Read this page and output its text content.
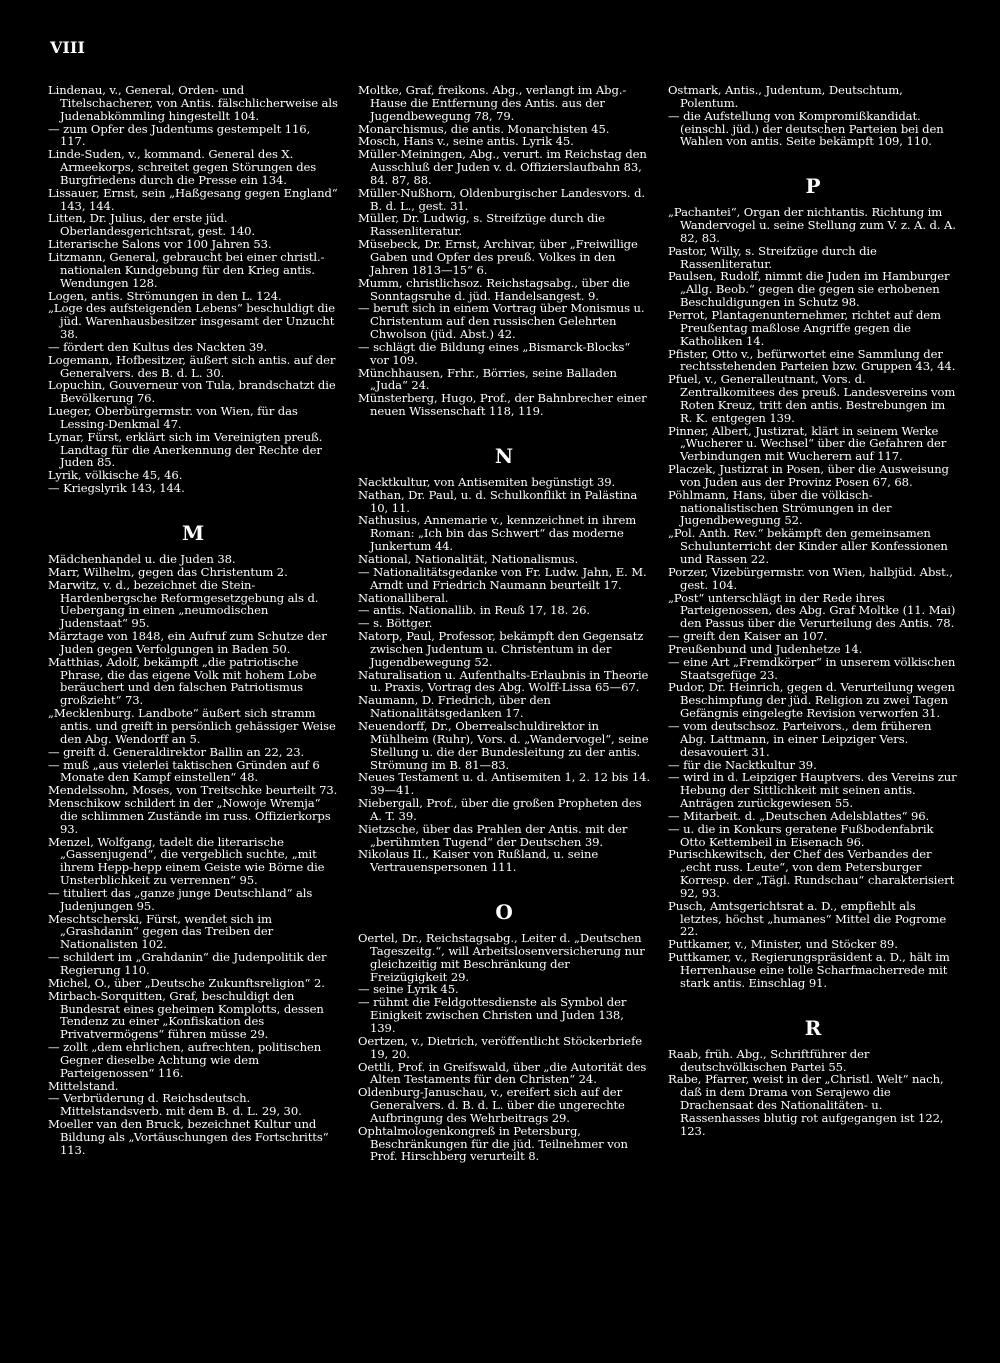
VIII
Lindenau, v., General, Orden- und Titelschacherer, von Antis. fälschlicherweise als Judenabkömmling hingestellt 104.
— zum Opfer des Judentums gestempelt 116, 117.
Linde-Suden, v., kommand. General des X. Armeekorps, schreitet gegen Störungen des Burgfriedens durch die Presse ein 134.
Lissauer, Ernst, sein „Haßgesang gegen England“ 143, 144.
Litten, Dr. Julius, der erste jüd. Oberlandesgerichtsrat, gest. 140.
Literarische Salons vor 100 Jahren 53.
Litzmann, General, gebraucht bei einer christl.-nationalen Kundgebung für den Krieg antis. Wendungen 128.
Logen, antis. Strömungen in den L. 124.
„Loge des aufsteigenden Lebens“ beschuldigt die jüd. Warenhausbesitzer insgesamt der Unzucht 38.
— fördert den Kultus des Nackten 39.
Logemann, Hofbesitzer, äußert sich antis. auf der Generalvers. des B. d. L. 30.
Lopuchin, Gouverneur von Tula, brandschatzt die Bevölkerung 76.
Lueger, Oberbürgermstr. von Wien, für das Lessing-Denkmal 47.
Lynar, Fürst, erklärt sich im Vereinigten preuß. Landtag für die Anerkennung der Rechte der Juden 85.
Lyrik, völkische 45, 46.
— Kriegslyrik 143, 144.
M
Mädchenhandel u. die Juden 38.
Marr, Wilhelm, gegen das Christentum 2.
Marwitz, v. d., bezeichnet die Stein-Hardenbergsche Reformgesetzgebung als d. Uebergang in einen „neumodischen Judenstaat“ 95.
Märztage von 1848, ein Aufruf zum Schutze der Juden gegen Verfolgungen in Baden 50.
Matthias, Adolf, bekämpft „die patriotische Phrase, die das eigene Volk mit hohem Lobe beräuchert und den falschen Patriotismus großzieht“ 73.
„Mecklenburg. Landbote“ äußert sich stramm antis. und greift in persönlich gehässiger Weise den Abg. Wendorff an 5.
— greift d. Generaldirektor Ballin an 22, 23.
— muß „aus vielerlei taktischen Gründen auf 6 Monate den Kampf einstellen“ 48.
Mendelssohn, Moses, von Treitschke beurteilt 73.
Menschikow schildert in der „Nowoje Wremja“ die schlimmen Zustände im russ. Offizierkorps 93.
Menzel, Wolfgang, tadelt die literarische „Gassenjugend“, die vergeblich suchte, „mit ihrem Hepp-hepp einem Geiste wie Börne die Unsterblichkeit zu verrennen“ 95.
— tituliert das „ganze junge Deutschland“ als Judenjungen 95.
Meschtscherski, Fürst, wendet sich im „Grashdanin“ gegen das Treiben der Nationalisten 102.
— schildert im „Grahdanin“ die Judenpolitik der Regierung 110.
Michel, O., über „Deutsche Zukunftsreligion“ 2.
Mirbach-Sorquitten, Graf, beschuldigt den Bundesrat eines geheimen Komplotts, dessen Tendenz zu einer „Konfiskation des Privatvermögens“ führen müsse 29.
— zollt „dem ehrlichen, aufrechten, politischen Gegner dieselbe Achtung wie dem Parteigenossen“ 116.
Mittelstand.
— Verbrüderung d. Reichsdeutsch. Mittelstandsverb. mit dem B. d. L. 29, 30.
Moeller van den Bruck, bezeichnet Kultur und Bildung als „Vortäuschungen des Fortschritts“ 113.
Moltke, Graf, freikons. Abg., verlangt im Abg.-Hause die Entfernung des Antis. aus der Jugendbewegung 78, 79.
Monarchismus, die antis. Monarchisten 45.
Mosch, Hans v., seine antis. Lyrik 45.
Müller-Meiningen, Abg., verurt. im Reichstag den Ausschluß der Juden v. d. Offizierslaufbahn 83, 84. 87, 88.
Müller-Nußhorn, Oldenburgischer Landesvors. d. B. d. L., gest. 31.
Müller, Dr. Ludwig, s. Streifzüge durch die Rassenliteratur.
Müsebeck, Dr. Ernst, Archivar, über „Freiwillige Gaben und Opfer des preuß. Volkes in den Jahren 1813—15“ 6.
Mumm, christlichsoz. Reichstagsabg., über die Sonntagsruhe d. jüd. Handelsangest. 9.
— beruft sich in einem Vortrag über Monismus u. Christentum auf den russischen Gelehrten Chwolson (jüd. Abst.) 42.
— schlägt die Bildung eines „Bismarck-Blocks“ vor 109.
Münchhausen, Frhr., Börries, seine Balladen „Juda“ 24.
Münsterberg, Hugo, Prof., der Bahnbrecher einer neuen Wissenschaft 118, 119.
N
Nacktkultur, von Antisemiten begünstigt 39.
Nathan, Dr. Paul, u. d. Schulkonflikt in Palästina 10, 11.
Nathusius, Annemarie v., kennzeichnet in ihrem Roman: „Ich bin das Schwert“ das moderne Junkertum 44.
National, Nationalität, Nationalismus.
— Nationalitätsgedanke von Fr. Ludw. Jahn, E. M. Arndt und Friedrich Naumann beurteilt 17.
Nationalliberal.
— antis. Nationallib. in Reuß 17, 18. 26.
— s. Böttger.
Natorp, Paul, Professor, bekämpft den Gegensatz zwischen Judentum u. Christentum in der Jugendbewegung 52.
Naturalisation u. Aufenthalts-Erlaubnis in Theorie u. Praxis, Vortrag des Abg. Wolff-Lissa 65—67.
Naumann, D. Friedrich, über den Nationalitätsgedanken 17.
Neuendorff, Dr., Oberrealschuldirektor in Mühlheim (Ruhr), Vors. d. „Wandervogel“, seine Stellung u. die der Bundesleitung zu der antis. Strömung im B. 81—83.
Neues Testament u. d. Antisemiten 1, 2. 12 bis 14. 39—41.
Niebergall, Prof., über die großen Propheten des A. T. 39.
Nietzsche, über das Prahlen der Antis. mit der „berühmten Tugend“ der Deutschen 39.
Nikolaus II., Kaiser von Rußland, u. seine Vertrauenspersonen 111.
O
Oertel, Dr., Reichstagsabg., Leiter d. „Deutschen Tageszeitg.“, will Arbeitslosenversicherung nur gleichzeitig mit Beschränkung der Freizügigkeit 29.
— seine Lyrik 45.
— rühmt die Feldgottesdienste als Symbol der Einigkeit zwischen Christen und Juden 138, 139.
Oertzen, v., Dietrich, veröffentlicht Stöckerbriefe 19, 20.
Oettli, Prof. in Greifswald, über „die Autorität des Alten Testaments für den Christen“ 24.
Oldenburg-Januschau, v., ereifert sich auf der Generalvers. d. B. d. L. über die ungerechte Aufbringung des Wehrbeitrags 29.
Ophtalmologenkongreß in Petersburg, Beschränkungen für die jüd. Teilnehmer von Prof. Hirschberg verurteilt 8.
Ostmark, Antis., Judentum, Deutschtum, Polentum.
— die Aufstellung von Kompromißkandidat. (einschl. jüd.) der deutschen Parteien bei den Wahlen von antis. Seite bekämpft 109, 110.
P
„Pachantei“, Organ der nichtantis. Richtung im Wandervogel u. seine Stellung zum V. z. A. d. A. 82, 83.
Pastor, Willy, s. Streifzüge durch die Rassenliteratur.
Paulsen, Rudolf, nimmt die Juden im Hamburger „Allg. Beob.“ gegen die gegen sie erhobenen Beschuldigungen in Schutz 98.
Perrot, Plantagenunternehmer, richtet auf dem Preußentag maßlose Angriffe gegen die Katholiken 14.
Pfister, Otto v., befürwortet eine Sammlung der rechtsstehenden Parteien bzw. Gruppen 43, 44.
Pfuel, v., Generalleutnant, Vors. d. Zentralkomitees des preuß. Landesvereins vom Roten Kreuz, tritt den antis. Bestrebungen im R. K. entgegen 139.
Pinner, Albert, Justizrat, klärt in seinem Werke „Wucherer u. Wechsel“ über die Gefahren der Verbindungen mit Wucherern auf 117.
Placzek, Justizrat in Posen, über die Ausweisung von Juden aus der Provinz Posen 67, 68.
Pöhlmann, Hans, über die völkisch-nationalistischen Strömungen in der Jugendbewegung 52.
„Pol. Anth. Rev.“ bekämpft den gemeinsamen Schulunterricht der Kinder aller Konfessionen und Rassen 22.
Porzer, Vizebürgermstr. von Wien, halbjüd. Abst., gest. 104.
„Post“ unterschlägt in der Rede ihres Parteigenossen, des Abg. Graf Moltke (11. Mai) den Passus über die Verurteilung des Antis. 78.
— greift den Kaiser an 107.
Preußenbund und Judenhetze 14.
— eine Art „Fremdkörper“ in unserem völkischen Staatsgefüge 23.
Pudor, Dr. Heinrich, gegen d. Verurteilung wegen Beschimpfung der jüd. Religion zu zwei Tagen Gefängnis eingelegte Revision verworfen 31.
— vom deutschsoz. Parteivors., dem früheren Abg. Lattmann, in einer Leipziger Vers. desavouiert 31.
— für die Nacktkultur 39.
— wird in d. Leipziger Hauptvers. des Vereins zur Hebung der Sittlichkeit mit seinen antis. Anträgen zurückgewiesen 55.
— Mitarbeit. d. „Deutschen Adelsblattes“ 96.
— u. die in Konkurs geratene Fußbodenfabrik Otto Kettembeil in Eisenach 96.
Purischkewitsch, der Chef des Verbandes der „echt russ. Leute“, von dem Petersburger Korresp. der „Tägl. Rundschau“ charakterisiert 92, 93.
Pusch, Amtsgerichtsrat a. D., empfiehlt als letztes, höchst „humanes“ Mittel die Pogrome 22.
Puttkamer, v., Minister, und Stöcker 89.
Puttkamer, v., Regierungspräsident a. D., hält im Herrenhause eine tolle Scharfmacherrede mit stark antis. Einschlag 91.
R
Raab, früh. Abg., Schriftführer der deutschvölkischen Partei 55.
Rabe, Pfarrer, weist in der „Christl. Welt“ nach, daß in dem Drama von Serajewo die Drachensaat des Nationalitäten- u. Rassenhasses blutig rot aufgegangen ist 122, 123.
